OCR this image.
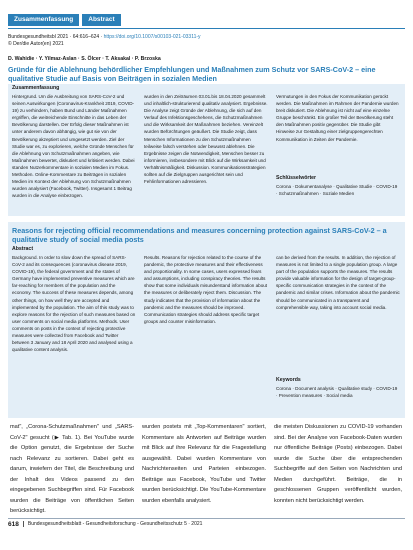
Zusammenfassung	Abstract
Bundesgesundheitsbl 2021 · 64:616–624 · https://doi.org/10.1007/s00103-021-03311-y
© Der/die Autor(en) 2021
D. Wahidie · Y. Yilmaz-Aslan · S. Ölcer · T. Aksakal · P. Brzoska
Gründe für die Ablehnung behördlicher Empfehlungen und Maßnahmen zum Schutz vor SARS-CoV-2 – eine qualitative Studie auf Basis von Beiträgen in sozialen Medien
Zusammenfassung
Hintergrund. Um die Ausbreitung von SARS-CoV-2 und seinen Auswirkungen (Coronavirus-Krankheit 2019, COVID-19) zu verhindern, haben Bund und Länder Maßnahmen ergriffen, die weitreichende Einschnitte in das Leben der Bevölkerung darstellen. Der Erfolg dieser Maßnahmen ist unter anderem davon abhängig, wie gut sie von der Bevölkerung akzeptiert und umgesetzt werden. Ziel der Studie war es, zu explorieren, welche Gründe Menschen für die Ablehnung von Schutzmaßnahmen angeben, wie Maßnahmen bewertet, diskutiert und kritisiert werden. Dabei standen Nutzerkommentare in sozialen Medien im Fokus. Methoden. Online-Kommentare zu Beiträgen in sozialen Medien im Kontext der Ablehnung von Schutzmaßnahmen wurden analysiert (Facebook, Twitter). Insgesamt 1 Beitrag wurden in die Analyse einbezogen.
wurden in den Zeiträumen 03.01.bis 18.04.2020 gesammelt und inhaltlich-strukturierend qualitativ analysiert. Ergebnisse. Die Analyse zeigt Gründe der Ablehnung, die sich auf den Verlauf des Infektionsgeschehens, die Schutzmaßnahmen und die Wirksamkeit der Maßnahmen beziehen. Vereinzelt wurden Befürchtungen geäußert. Die Studie zeigt, dass Menschen Informationen zu den Schutzmaßnahmen teilweise falsch verstehen oder bewusst ablehnen. Die Ergebnisse zeigen die Notwendigkeit, Menschen besser zu informieren, insbesondere mit Blick auf die Wirksamkeit und Verhältnismäßigkeit. Diskussion. Kommunikationsstrategien sollten auf die Zielgruppen ausgerichtet sein und Fehlinformationen adressieren.
Vermutungen in den Fokus der Kommunikation gerückt werden. Die Maßnahmen im Rahmen der Pandemie wurden breit diskutiert. Die Ablehnung ist nicht auf eine einzelne Gruppe beschränkt. Ein großer Teil der Bevölkerung steht den Maßnahmen positiv gegenüber. Die Studie gibt Hinweise zur Gestaltung einer zielgruppengerechten Kommunikation in Zeiten der Pandemie.
Schlüsselwörter
Corona · Dokumentanalyse · Qualitative Studie · COVID-19 · Schutzmaßnahmen · Soziale Medien
Reasons for rejecting official recommendations and measures concerning protection against SARS-CoV-2 – a qualitative study of social media posts
Abstract
Background. In order to slow down the spread of SARS-CoV-2 and its consequences (coronavirus disease 2019, COVID-19), the federal government and the states of Germany have implemented preventive measures which are far-reaching for members of the population and the economy. The success of these measures depends, among other things, on how well they are accepted and implemented by the population. The aim of this study was to explore reasons for the rejection of such measures based on user comments on social media platforms. Methods. User comments on posts in the context of rejecting protective measures were collected from Facebook and Twitter between 3 January and 18 April 2020 and analysed using a qualitative content analysis.
Results. Reasons for rejection related to the course of the pandemic, the protective measures and their effectiveness and proportionality. In some cases, users expressed fears and assumptions, including conspiracy theories. The results show that some individuals misunderstand information about the measures or deliberately reject them. Discussion. The study indicates that the provision of information about the pandemic and the measures should be improved. Communication strategies should address specific target groups and counter misinformation.
can be derived from the results. In addition, the rejection of measures is not limited to a single population group. A large part of the population supports the measures. The results provide valuable information for the design of target-group-specific communication strategies in the context of the pandemic and similar crises. Information about the pandemic should be communicated in a transparent and comprehensible way, taking into account social media.
Keywords
Corona · Document analysis · Qualitative study · COVID-19 · Prevention measures · Social media
mat", „Corona-Schutzmaßnahmen" und „SARS-CoV-2" gesucht (▶ Tab. 1). Bei YouTube wurde die Option genutzt, die Ergebnisse der Suche nach Relevanz zu sortieren. Dabei geht es darum, inwiefern der Titel, die Beschreibung und der Inhalt des Videos passend zu den eingegebenen Suchbegriffen sind. Für Facebook wurden die Beiträge von öffentlichen Seiten berücksichtigt.
wurden postets mit „Top-Kommentaren" sortiert, Kommentare als Antworten auf Beiträge wurden mit Blick auf ihre Relevanz für die Fragestellung ausgewählt. Dabei wurden Kommentare von Nachrichtenseiten und Parteien einbezogen. Beiträge aus Facebook, YouTube und Twitter wurden berücksichtigt. Die YouTube-Kommentare wurden ebenfalls analysiert.
die meisten Diskussionen zu COVID-19 vorhanden sind. Bei der Analyse von Facebook-Daten wurden nur öffentliche Beiträge (Posts) einbezogen. Dabei wurde die Suche über die entsprechenden Suchbegriffe auf den Seiten von Nachrichten und Medien durchgeführt. Beiträge, die in geschlossenen Gruppen veröffentlicht wurden, konnten nicht berücksichtigt werden.
618	Bundesgesundheitsblatt - Gesundheitsforschung - Gesundheitsschutz 5 · 2021
